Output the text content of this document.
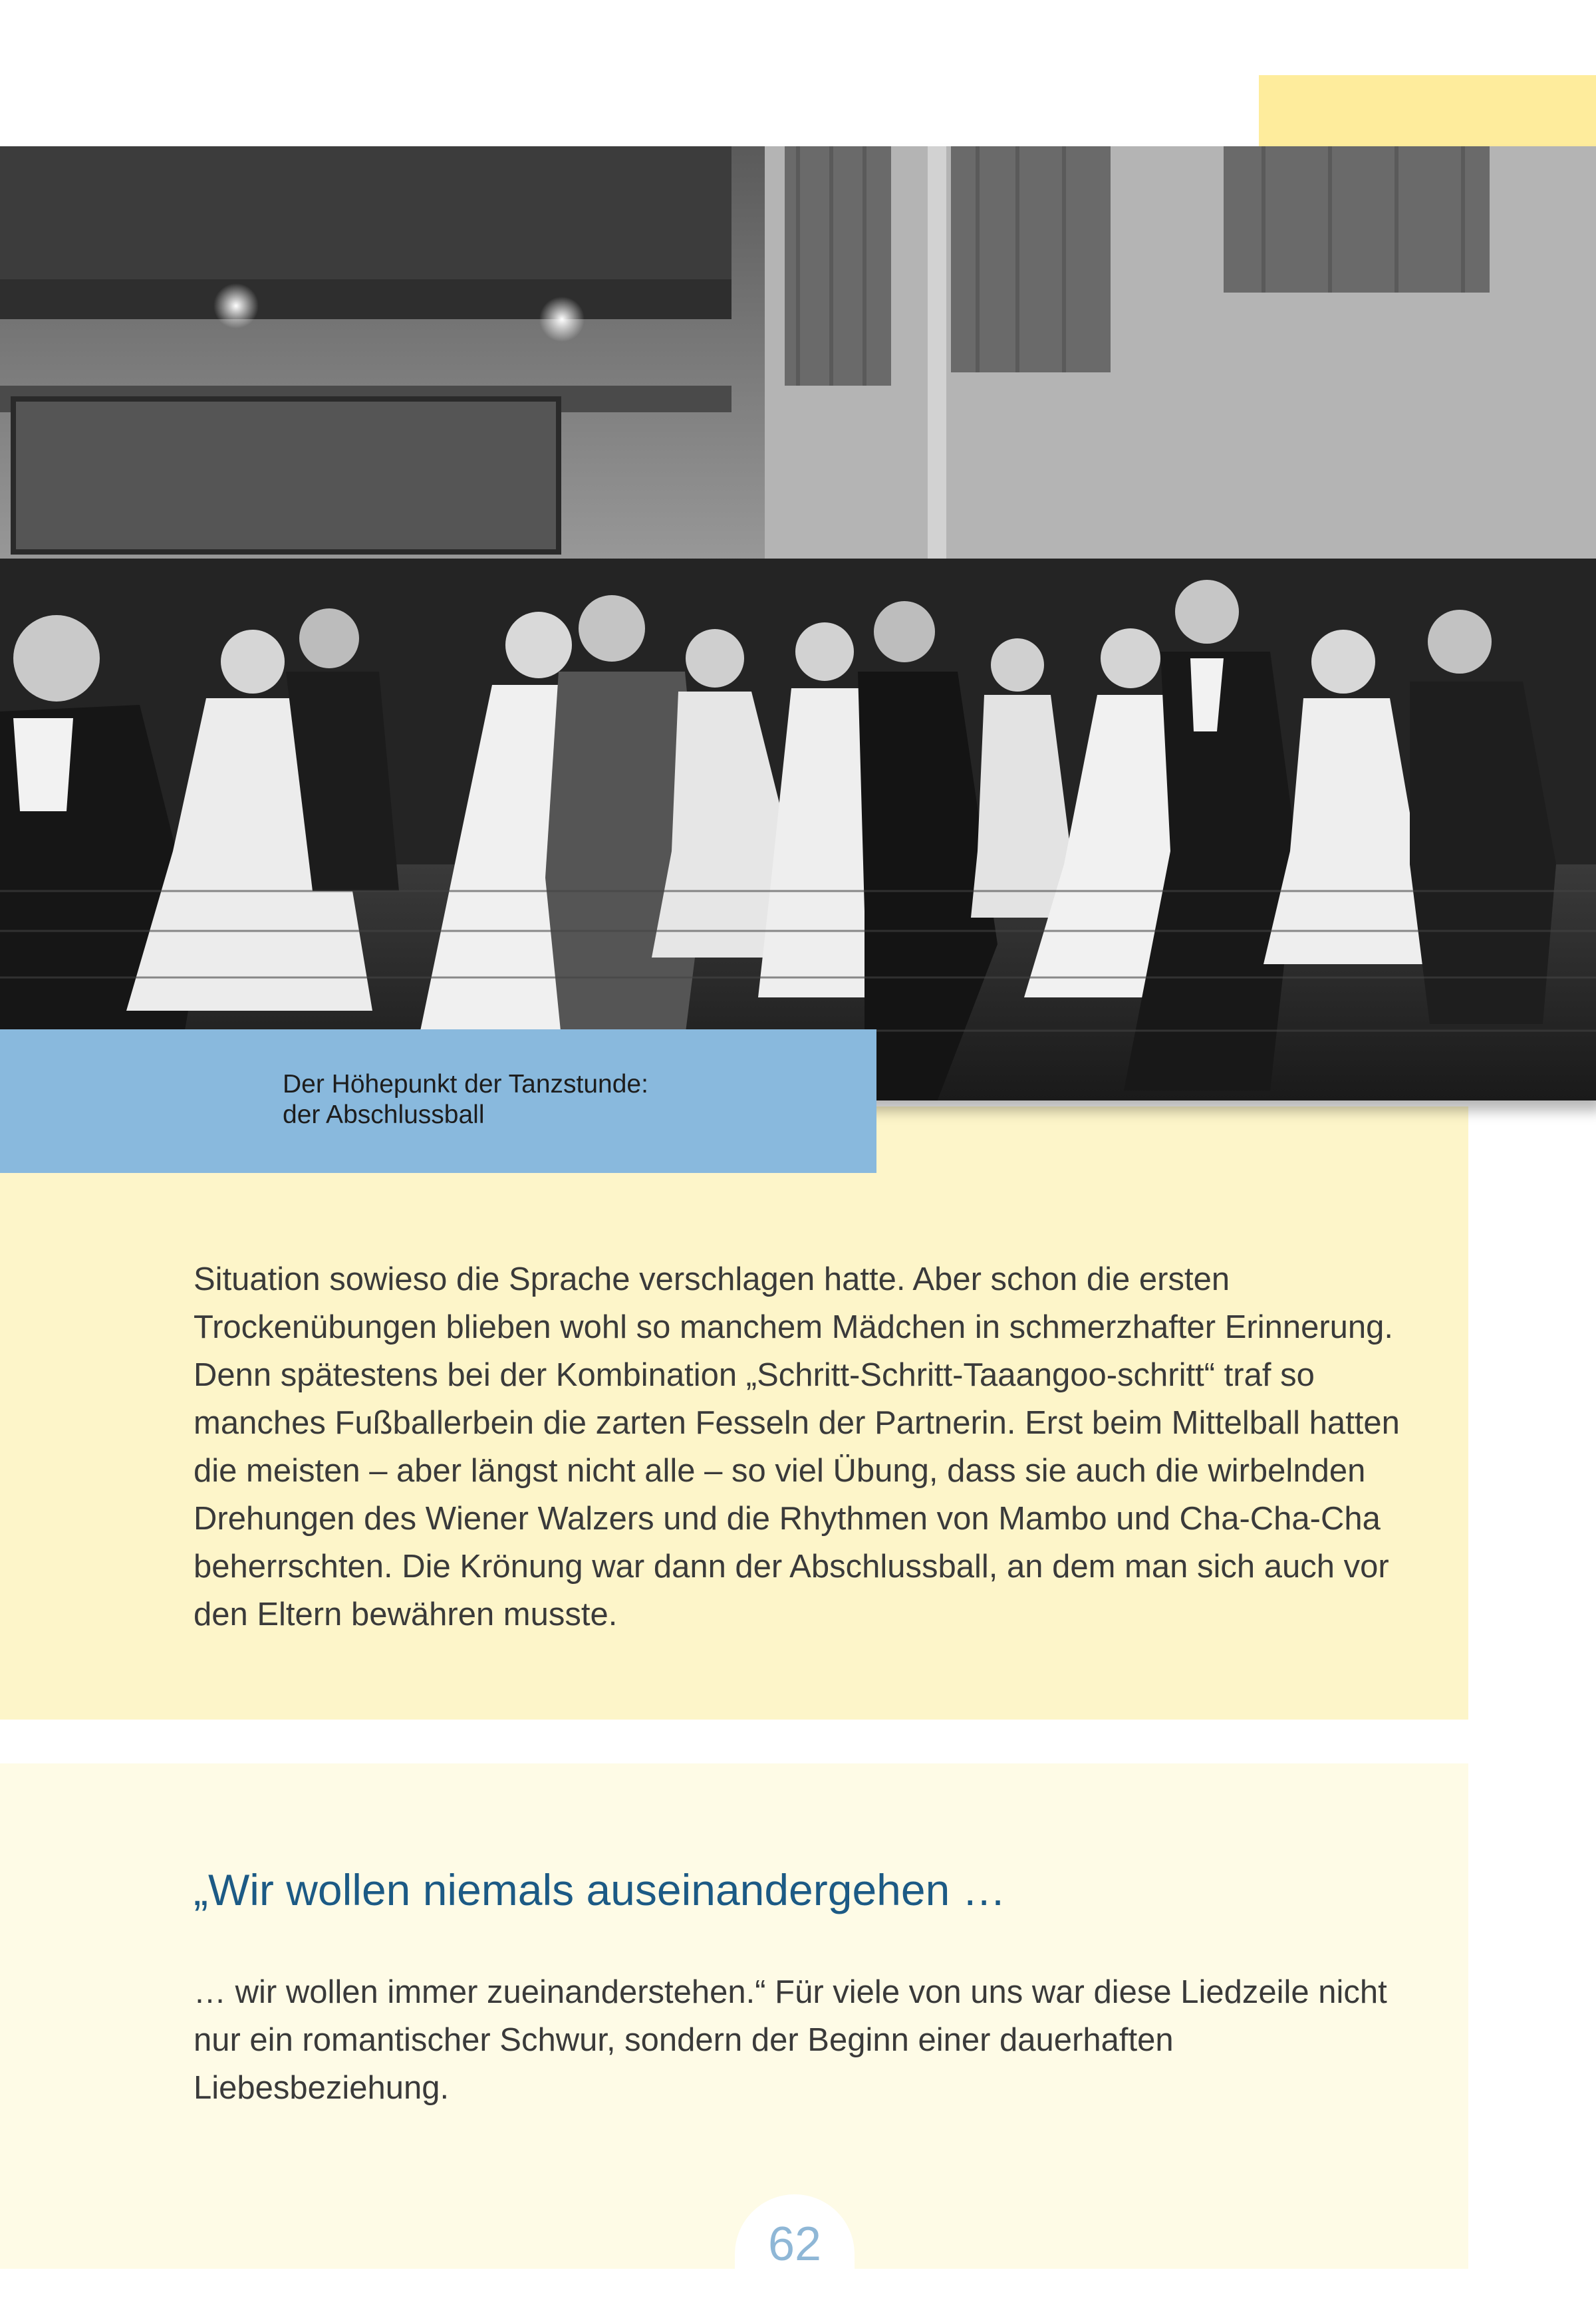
Der Höhepunkt der Tanzstunde:
der Abschlussball

Situation sowieso die Sprache verschlagen hatte. Aber schon die ersten Trockenübungen blieben wohl so manchem Mädchen in schmerzhafter Erinnerung. Denn spätestens bei der Kombination „Schritt-Schritt-Taaangoo-schritt“ traf so manches Fußballerbein die zarten Fesseln der Partnerin. Erst beim Mittelball hatten die meisten – aber längst nicht alle – so viel Übung, dass sie auch die wirbelnden Drehungen des Wiener Walzers und die Rhythmen von Mambo und Cha-Cha-Cha beherrschten. Die Krönung war dann der Abschlussball, an dem man sich auch vor den Eltern bewähren musste.

„Wir wollen niemals auseinandergehen …

… wir wollen immer zueinanderstehen.“ Für viele von uns war diese Liedzeile nicht nur ein romantischer Schwur, sondern der Beginn einer dauerhaften Liebesbeziehung.

62
